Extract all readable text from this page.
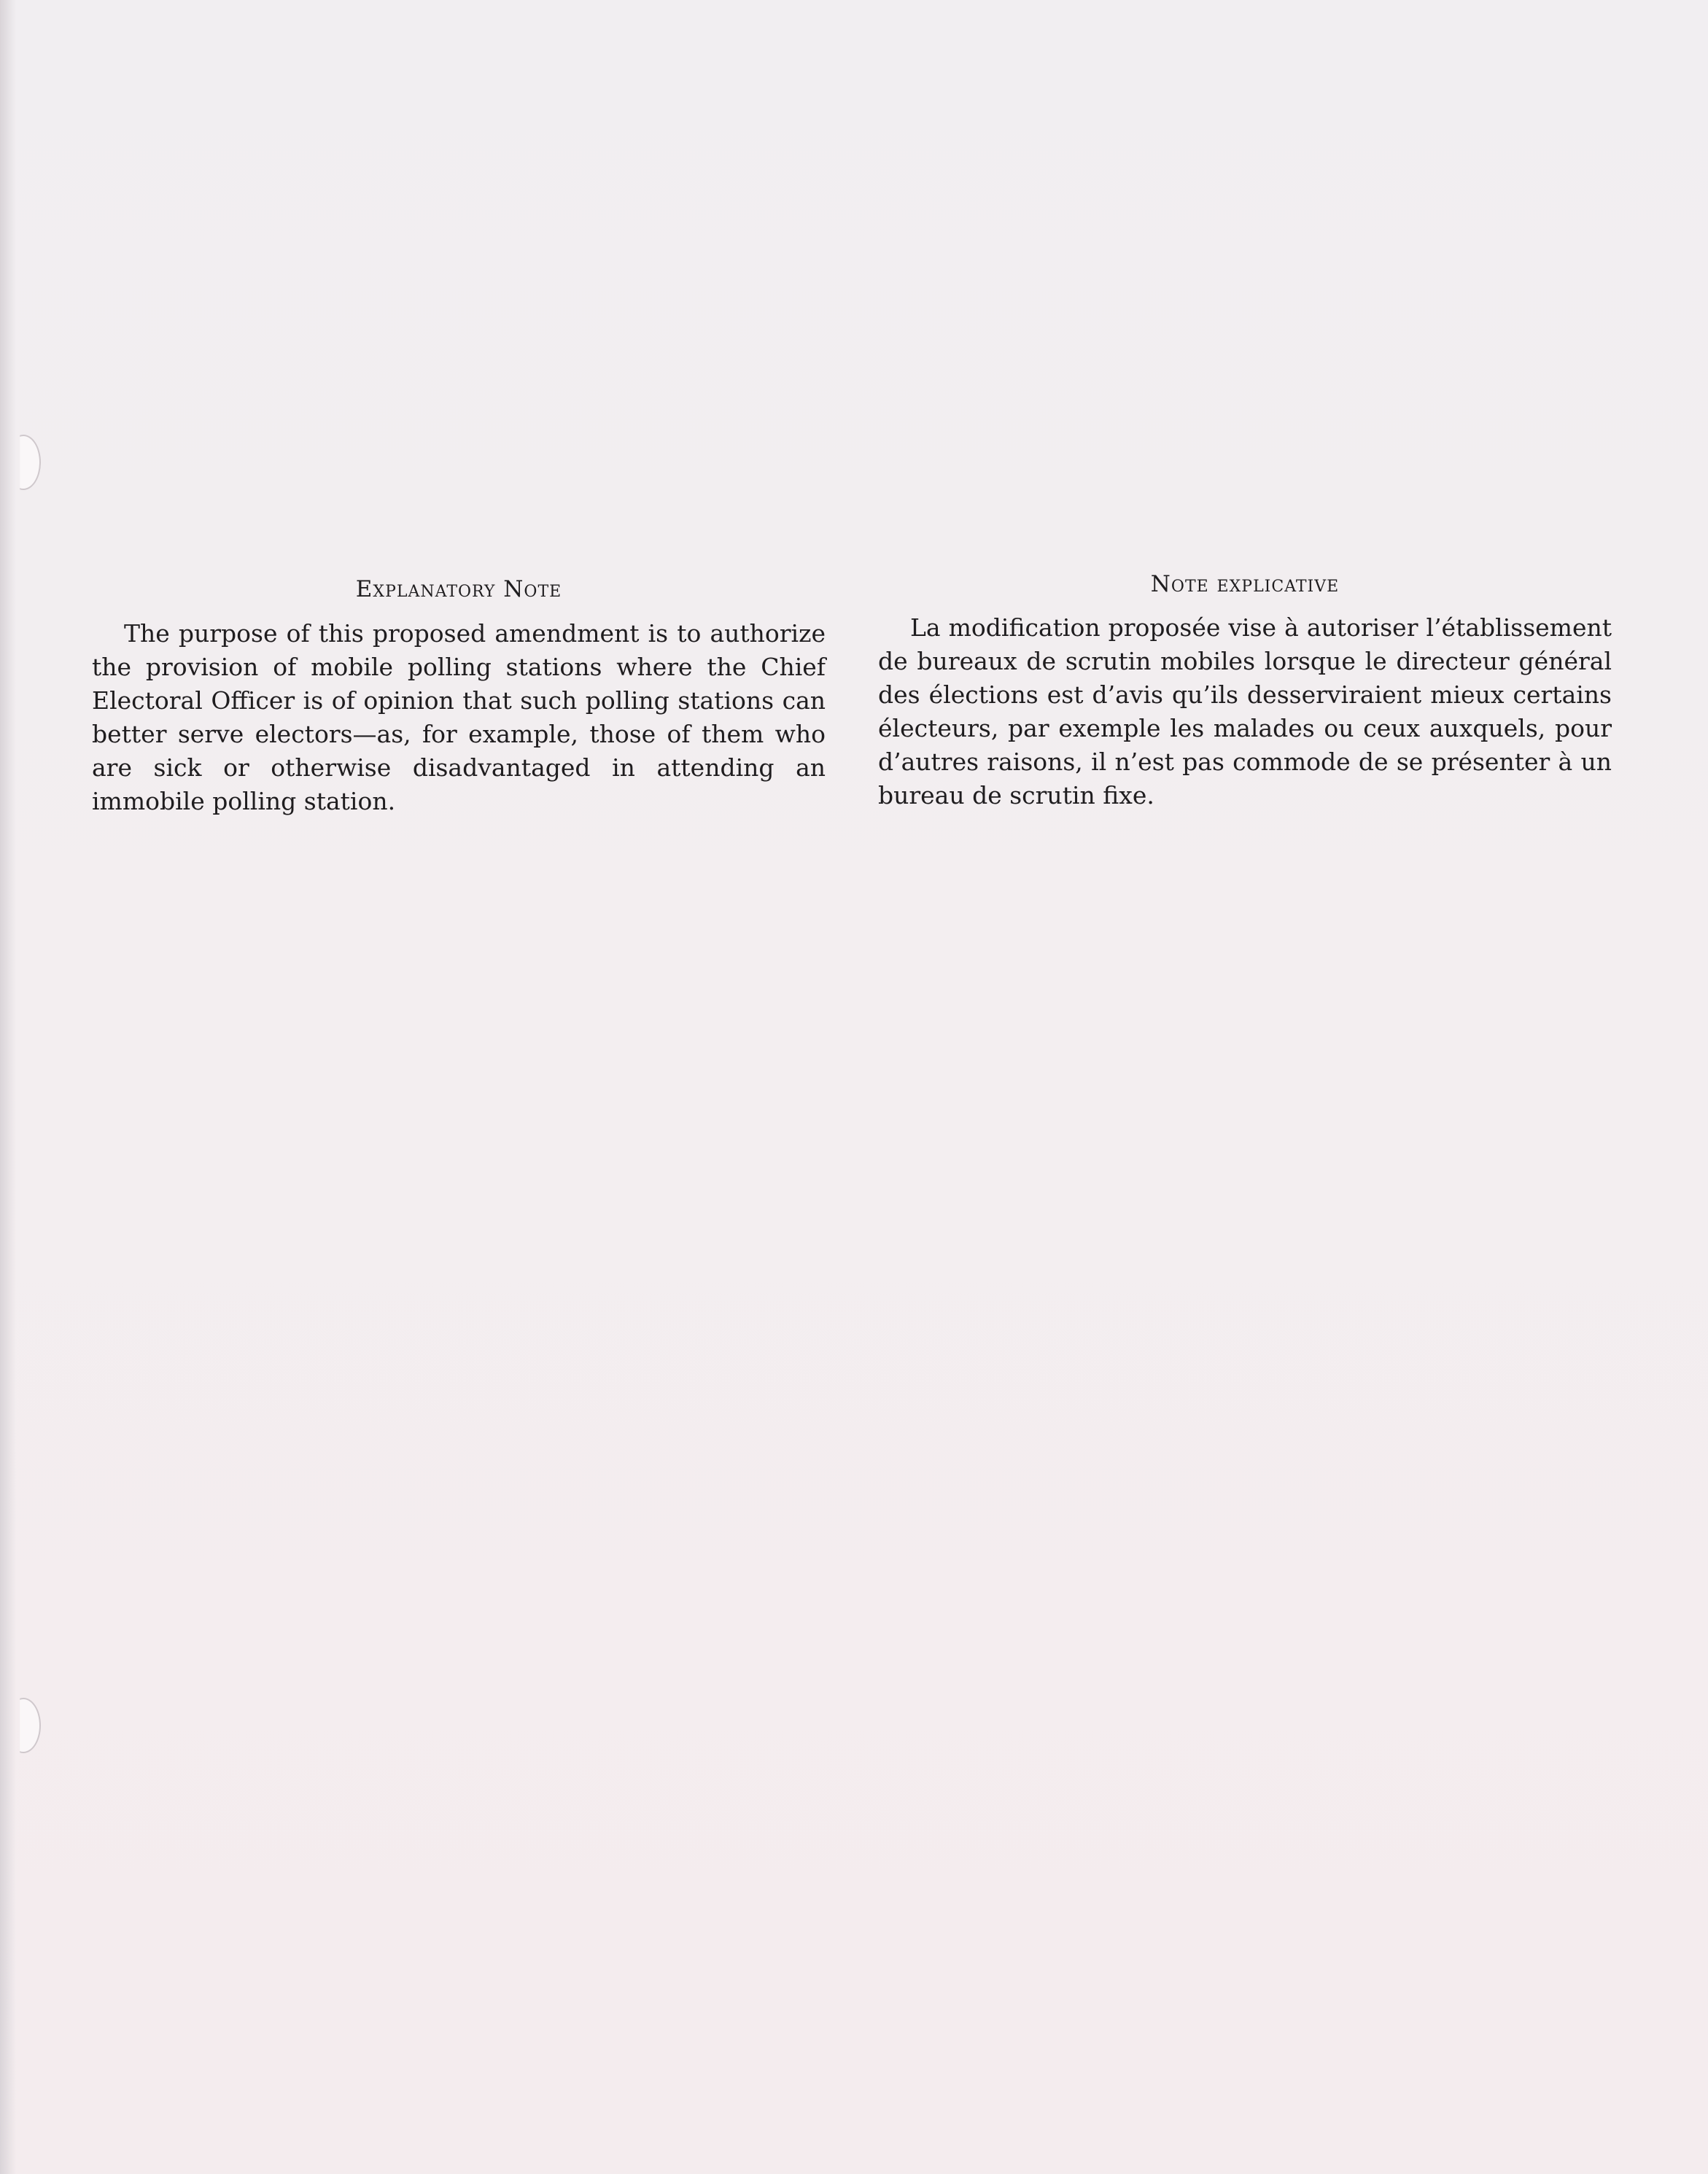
Explanatory Note

The purpose of this proposed amendment is to authorize the provision of mobile polling stations where the Chief Electoral Officer is of opinion that such polling stations can better serve electors—as, for example, those of them who are sick or otherwise disadvantaged in attending an immobile polling station.

Note explicative

La modification proposée vise à autoriser l’établissement de bureaux de scrutin mobiles lorsque le directeur général des élections est d’avis qu’ils desserviraient mieux certains électeurs, par exemple les malades ou ceux auxquels, pour d’autres raisons, il n’est pas commode de se présenter à un bureau de scrutin fixe.
